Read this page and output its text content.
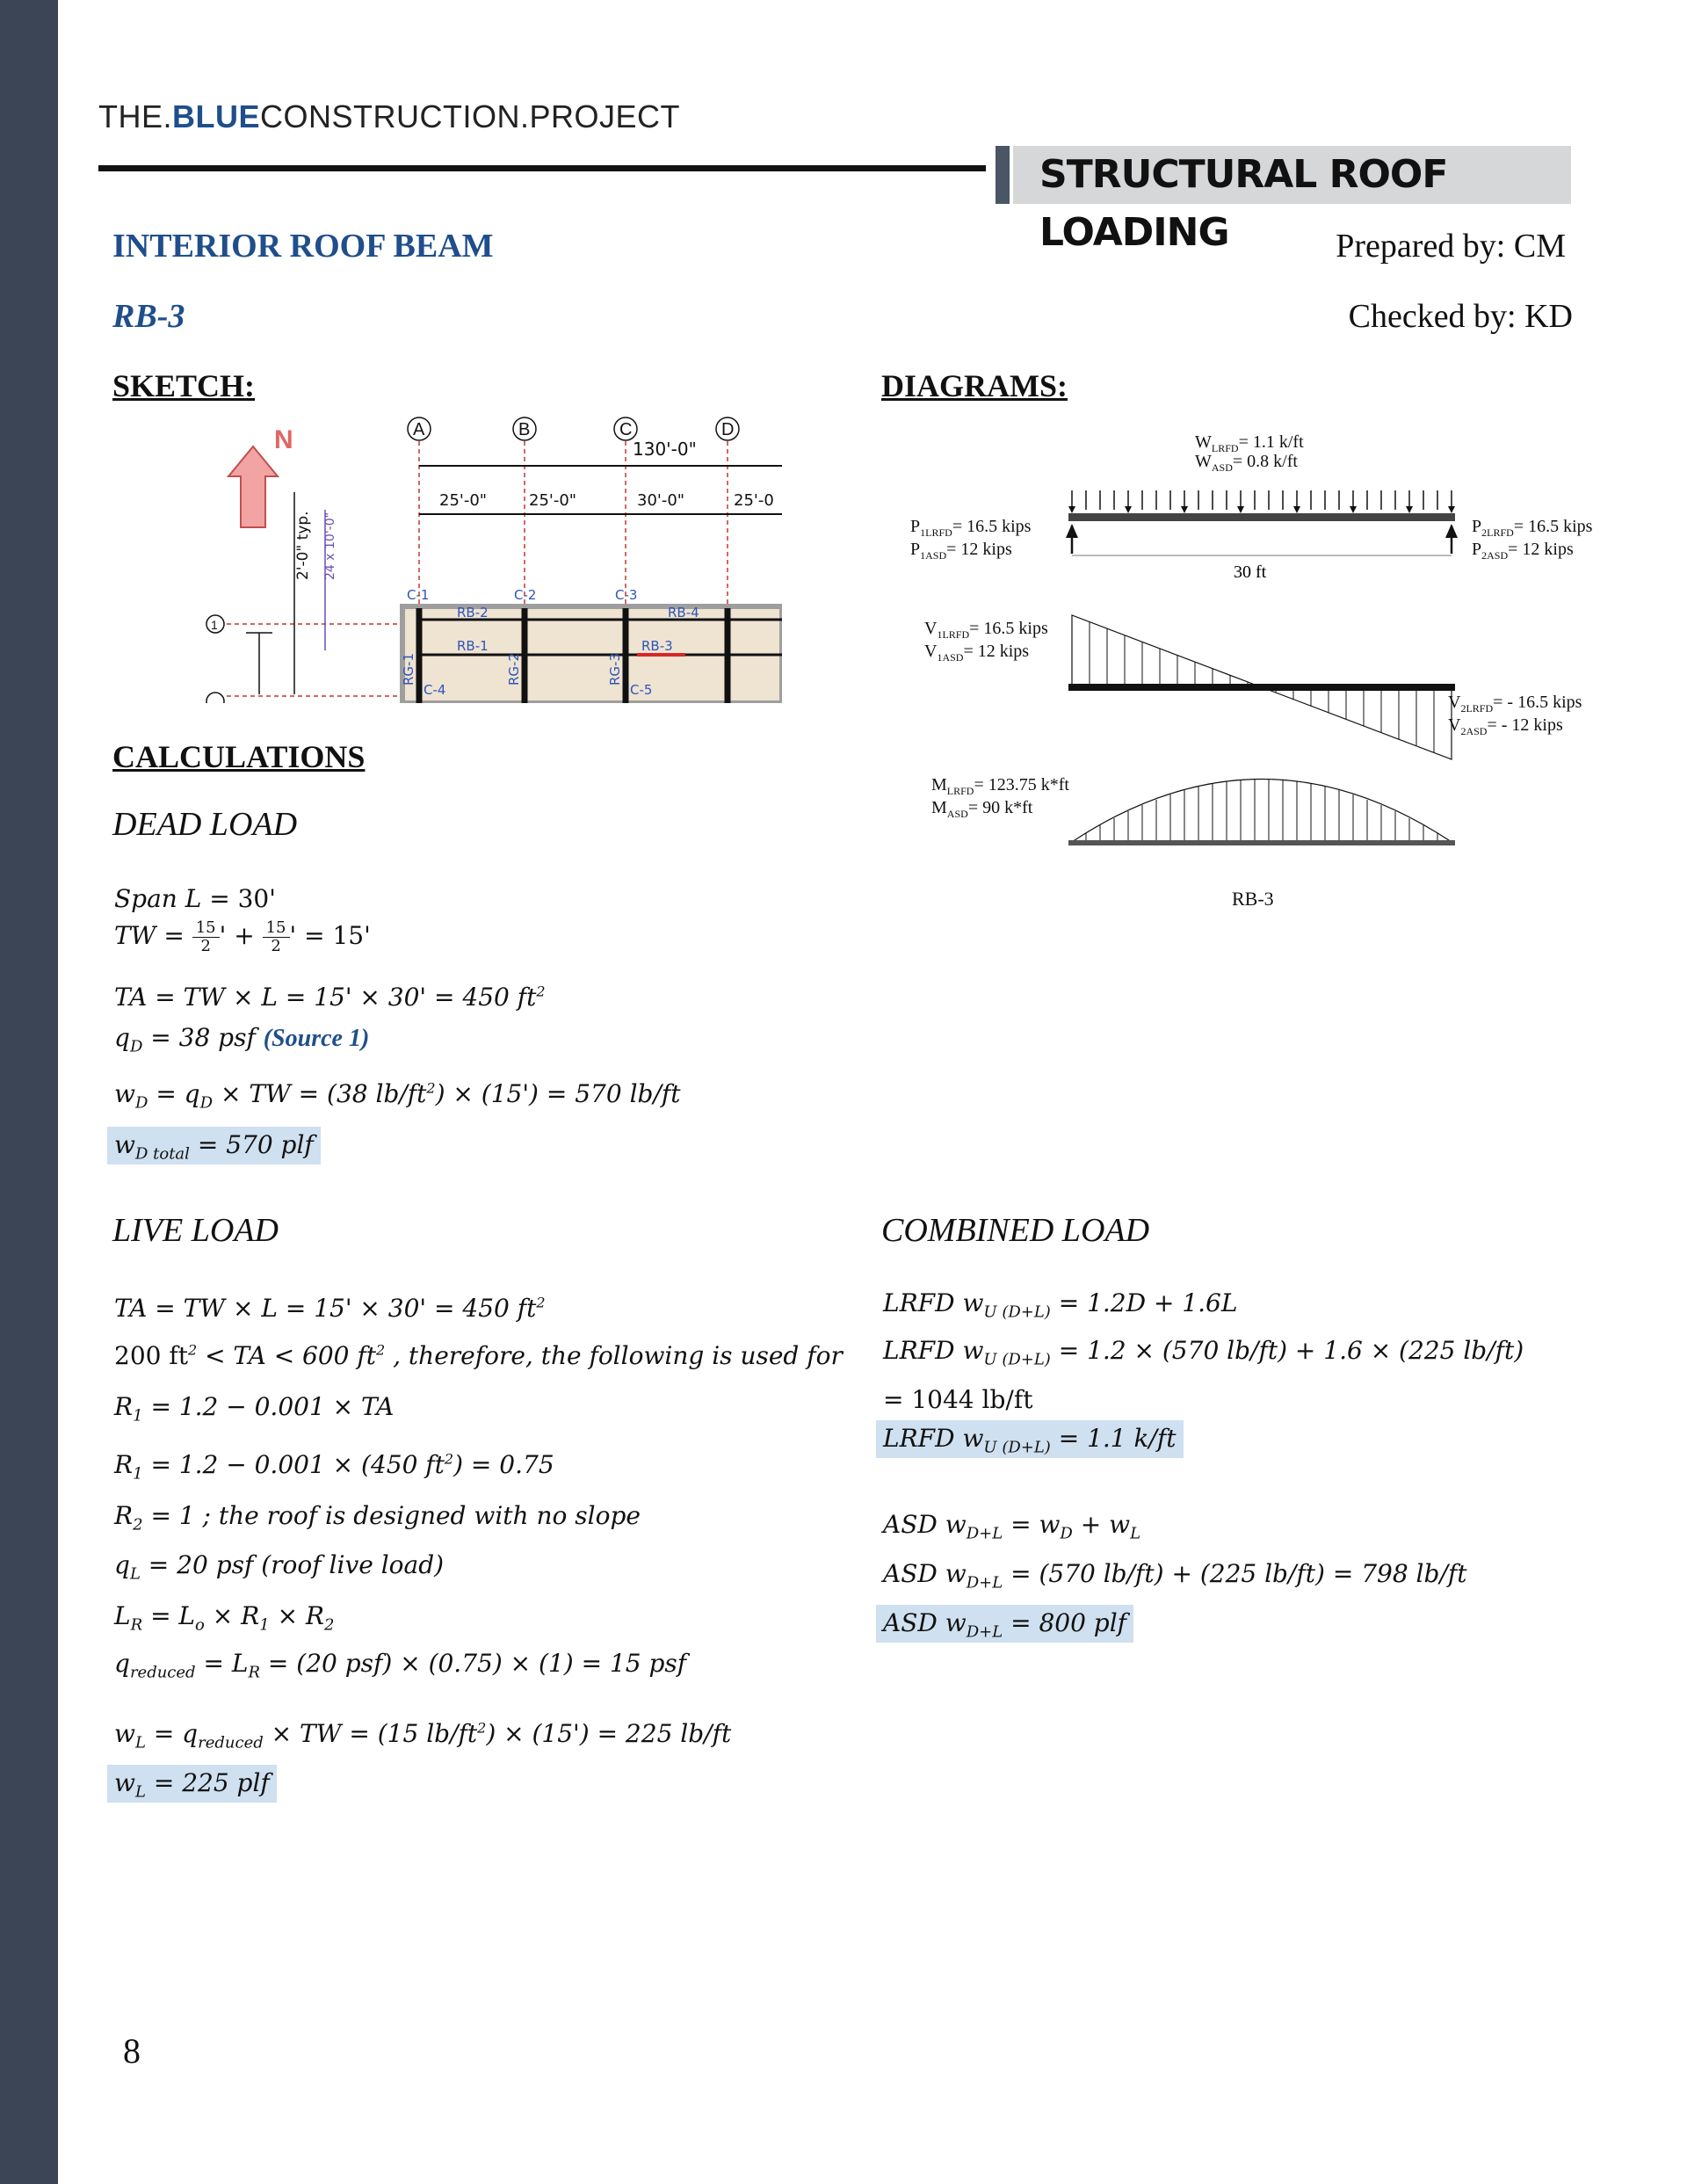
THE.BLUECONSTRUCTION.PROJECT
STRUCTURAL ROOF LOADING
INTERIOR ROOF BEAM
RB-3
Prepared by: CM
Checked by: KD
SKETCH:	DIAGRAMS:
N	A	B	C	D
1
130'-0"
25'-0"	25'-0"	30'-0"	25'-0
2'-0" typ. 24 x 10'-0"
C-1	C-2	C-3
C-4	C-5
RB-2	RB-4
RB-1	RB-3
RG-1	RG-2	RG-3
30 ft
$W_{LRFD}= 1.1$ k/ft
$W_{ASD}= 0.8$ k/ft
$P_{1LRFD}= 16.5$ kips
$P_{1ASD}= 12$ kips
$P_{2LRFD}= 16.5$ kips
$P_{2ASD}= 12$ kips
$V_{1LRFD}= 16.5$ kips
$V_{1ASD}= 12$ kips
$V_{2LRFD}= - 16.5$ kips
$V_{2ASD}= - 12$ kips
$M_{LRFD}= 123.75$ k*ft
$M_{ASD}= 90$ k*ft
RB-3
CALCULATIONS
DEAD LOAD
Span L = 30'
TW = $\frac{15}{2}$ ' + $\frac{15}{2}$ ' = 15'
TA = TW × L = 15' × 30' = 450 $ft^2$
$q_D = 38$ psf (Source 1)
$w_D = q_D$ × TW = (38 $lb/ft^2) \times (15') = 570$ lb/ft
$w_{D total} = 570$ plf
LIVE LOAD
TA = TW × L = 15' × 30' = 450 $ft^2$
200 $ft^2$ < TA < 600 $ft^2$ , therefore, the following is used for
$R_1 = 1.2 - 0.001$ × TA
$R_1 = 1.2 - 0.001 \times (450$ $ft^2) = 0.75$
$R_2 = 1$ ; the roof is designed with no slope
$q_L = 20$ psf (roof live load)
$L_R = L_o \times R_1 \times R_2$
$q_{reduced} = L_R = (20$ psf) × (0.75) × (1) = 15 psf
$w_L = q_{reduced}$ × TW = (15 $lb/ft^2) \times (15') = 225$ lb/ft
$w_L = 225$ plf
COMBINED LOAD
LRFD $w_{U (D+L)} = 1.2D + 1.6L$
LRFD $w_{U (D+L)} = 1.2 \times (570$ lb/ft) + 1.6 × (225 lb/ft)
= 1044 lb/ft
LRFD $w_{U (D+L)} = 1.1$ k/ft
ASD $w_{D+L} = w_D + w_L$
ASD $w_{D+L} = (570$ lb/ft) + (225 lb/ft) = 798 lb/ft
ASD $w_{D+L} = 800$ plf
8
